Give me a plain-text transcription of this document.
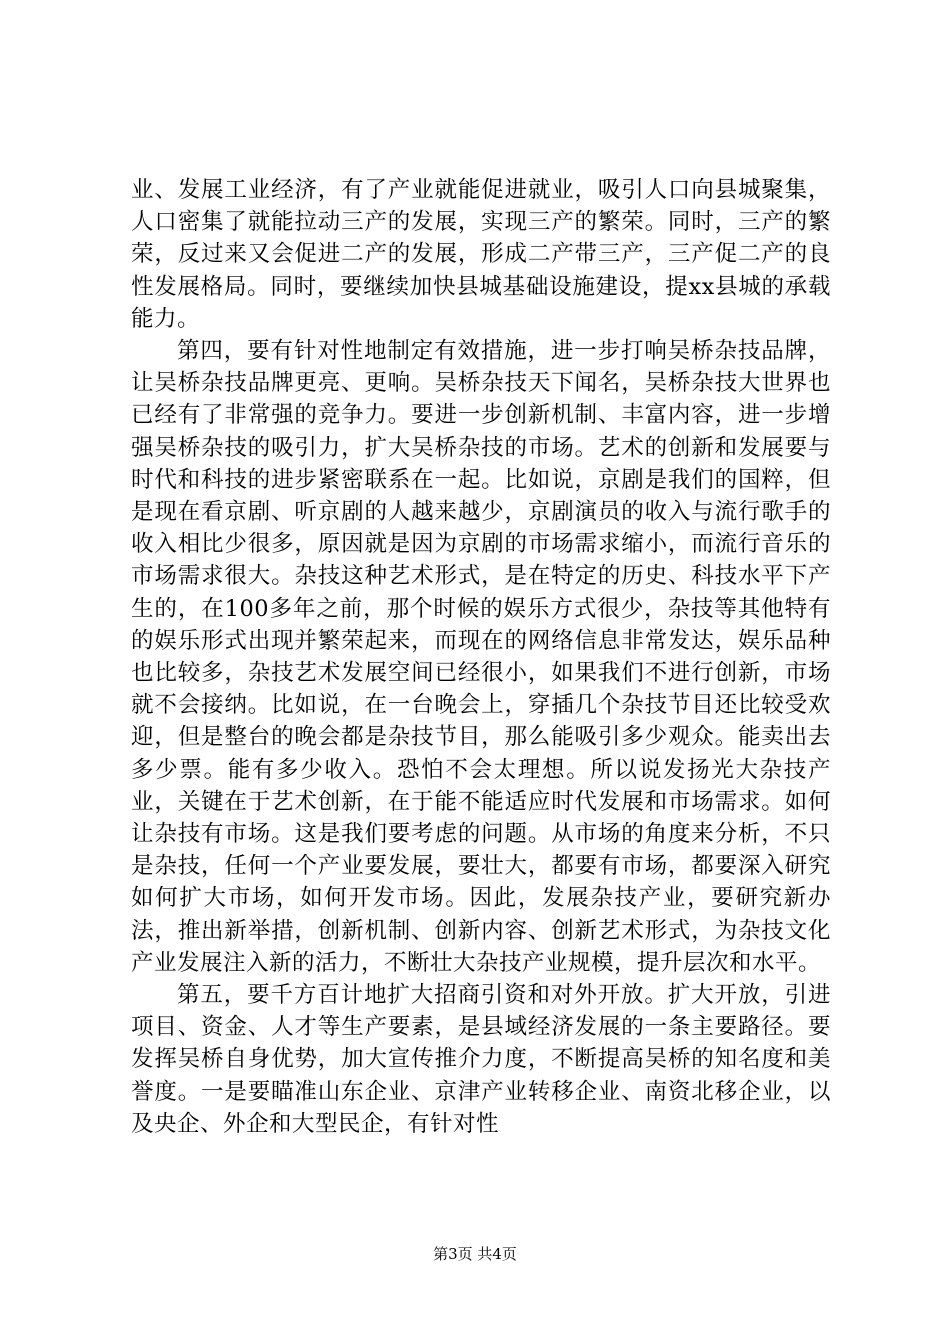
业、发展工业经济，有了产业就能促进就业，吸引人口向县城聚集，人口密集了就能拉动三产的发展，实现三产的繁荣。同时，三产的繁荣，反过来又会促进二产的发展，形成二产带三产，三产促二产的良性发展格局。同时，要继续加快县城基础设施建设，提xx县城的承载能力。

第四，要有针对性地制定有效措施，进一步打响吴桥杂技品牌，让吴桥杂技品牌更亮、更响。吴桥杂技天下闻名，吴桥杂技大世界也已经有了非常强的竞争力。要进一步创新机制、丰富内容，进一步增强吴桥杂技的吸引力，扩大吴桥杂技的市场。艺术的创新和发展要与时代和科技的进步紧密联系在一起。比如说，京剧是我们的国粹，但是现在看京剧、听京剧的人越来越少，京剧演员的收入与流行歌手的收入相比少很多，原因就是因为京剧的市场需求缩小，而流行音乐的市场需求很大。杂技这种艺术形式，是在特定的历史、科技水平下产生的，在100多年之前，那个时候的娱乐方式很少，杂技等其他特有的娱乐形式出现并繁荣起来，而现在的网络信息非常发达，娱乐品种也比较多，杂技艺术发展空间已经很小，如果我们不进行创新，市场就不会接纳。比如说，在一台晚会上，穿插几个杂技节目还比较受欢迎，但是整台的晚会都是杂技节目，那么能吸引多少观众。能卖出去多少票。能有多少收入。恐怕不会太理想。所以说发扬光大杂技产业，关键在于艺术创新，在于能不能适应时代发展和市场需求。如何让杂技有市场。这是我们要考虑的问题。从市场的角度来分析，不只是杂技，任何一个产业要发展，要壮大，都要有市场，都要深入研究如何扩大市场，如何开发市场。因此，发展杂技产业，要研究新办法，推出新举措，创新机制、创新内容、创新艺术形式，为杂技文化产业发展注入新的活力，不断壮大杂技产业规模，提升层次和水平。

第五，要千方百计地扩大招商引资和对外开放。扩大开放，引进项目、资金、人才等生产要素，是县域经济发展的一条主要路径。要发挥吴桥自身优势，加大宣传推介力度，不断提高吴桥的知名度和美誉度。一是要瞄准山东企业、京津产业转移企业、南资北移企业，以及央企、外企和大型民企，有针对性

第3页 共4页
